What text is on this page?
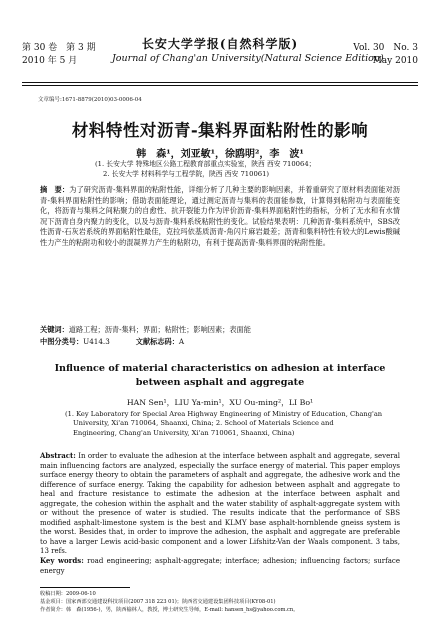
第 30 卷　第 3 期
2010 年 5 月
长安大学学报(自然科学版)
Journal of Chang'an University(Natural Science Edition)
Vol. 30　No. 3
May 2010
文章编号:1671-8879(2010)03-0006-04
材料特性对沥青-集料界面粘附性的影响
韩　森¹，刘亚敏¹，徐鸥明²，李　波¹
(1. 长安大学 特殊地区公路工程教育部重点实验室，陕西 西安 710064；
2. 长安大学 材料科学与工程学院，陕西 西安 710061)
摘　要：为了研究沥青-集料界面的粘附性能，详细分析了几种主要的影响因素，并着重研究了原材料表面能对沥青-集料界面粘附性的影响；借助表面能理论，通过测定沥青与集料的表面能参数，计算得到粘附功与表面能变化，将沥青与集料之间粘聚力的自愈性、抗开裂能力作为评价沥青-集料界面粘附性的指标，分析了无水和有水情况下沥青自身内聚力的变化，以及与沥青-集料系统粘附性的变化。试验结果表明：几种沥青-集料系统中，SBS改性沥青-石灰岩系统的界面粘附性最佳，克拉玛依基质沥青-角闪片麻岩最差；沥青和集料特性有较大的Lewis酸碱性力产生的粘附功和较小的混凝界力产生的粘附功，有利于提高沥青-集料界面的粘附性能。
关键词：道路工程；沥青-集料；界面；粘附性；影响因素；表面能
中图分类号：U414.3	文献标志码：A
Influence of material characteristics on adhesion at interface between asphalt and aggregate
HAN Sen¹，LIU Ya-min¹，XU Ou-ming²，LI Bo¹
(1. Key Laboratory for Special Area Highway Engineering of Ministry of Education, Chang'an
University, Xi'an 710064, Shaanxi, China; 2. School of Materials Science and
Engineering, Chang'an University, Xi'an 710061, Shaanxi, China)
Abstract: In order to evaluate the adhesion at the interface between asphalt and aggregate, several main influencing factors are analyzed, especially the surface energy of material. This paper employs surface energy theory to obtain the parameters of asphalt and aggregate, the adhesive work and the difference of surface energy. Taking the capability for adhesion between asphalt and aggregate to heal and fracture resistance to estimate the adhesion at the interface between asphalt and aggregate, the cohesion within the asphalt and the water stability of asphalt-aggregate system with or without the presence of water is studied. The results indicate that the performance of SBS modified asphalt-limestone system is the best and KLMY base asphalt-hornblende gneiss system is the worst. Besides that, in order to improve the adhesion, the asphalt and aggregate are preferable to have a larger Lewis acid-basic component and a lower Lifshitz-Van der Waals component. 3 tabs, 13 refs.
Key words: road engineering; asphalt-aggregate; interface; adhesion; influencing factors; surface energy
收稿日期：2009-06-10
基金项目：国家西部交通建设科技项目(2007 318 223 01)；陕西省交通建设集团科技项目(KY08-01)
作者简介：韩　森(1956-)，男，陕西榆林人，教授，博士研究生导师，E-mail: hansen_hs@yahoo.com.cn。
